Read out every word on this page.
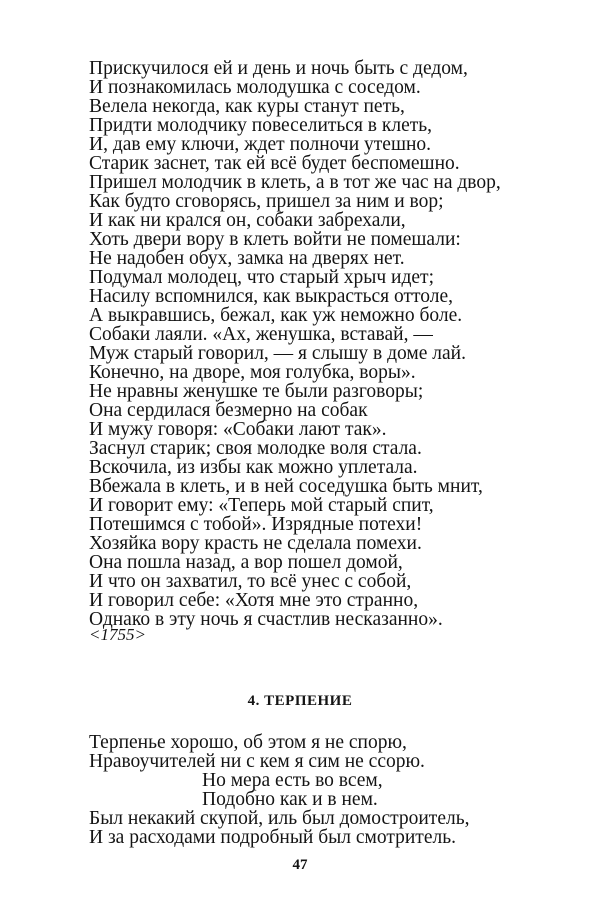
Прискучилося ей и день и ночь быть с дедом,
И познакомилась молодушка с соседом.
Велела некогда, как куры станут петь,
Придти молодчику повеселиться в клеть,
И, дав ему ключи, ждет полночи утешно.
Старик заснет, так ей всё будет беспомешно.
Пришел молодчик в клеть, а в тот же час на двор,
Как будто сговорясь, пришел за ним и вор;
И как ни крался он, собаки забрехали,
Хоть двери вору в клеть войти не помешали:
Не надобен обух, замка на дверях нет.
Подумал молодец, что старый хрыч идет;
Насилу вспомнился, как выкрасться оттоле,
А выкравшись, бежал, как уж неможно боле.
Собаки лаяли. «Ах, женушка, вставай, —
Муж старый говорил, — я слышу в доме лай.
Конечно, на дворе, моя голубка, воры».
Не нравны женушке те были разговоры;
Она сердилася безмерно на собак
И мужу говоря: «Собаки лают так».
Заснул старик; своя молодке воля стала.
Вскочила, из избы как можно уплетала.
Вбежала в клеть, и в ней соседушка быть мнит,
И говорит ему: «Теперь мой старый спит,
Потешимся с тобой». Изрядные потехи!
Хозяйка вору красть не сделала помехи.
Она пошла назад, а вор пошел домой,
И что он захватил, то всё унес с собой,
И говорил себе: «Хотя мне это странно,
Однако в эту ночь я счастлив несказанно».
<1755>
4. ТЕРПЕНИЕ
Терпенье хорошо, об этом я не спорю,
Нравоучителей ни с кем я сим не ссорю.
Но мера есть во всем,
Подобно как и в нем.
Был некакий скупой, иль был домостроитель,
И за расходами подробный был смотритель.
47
